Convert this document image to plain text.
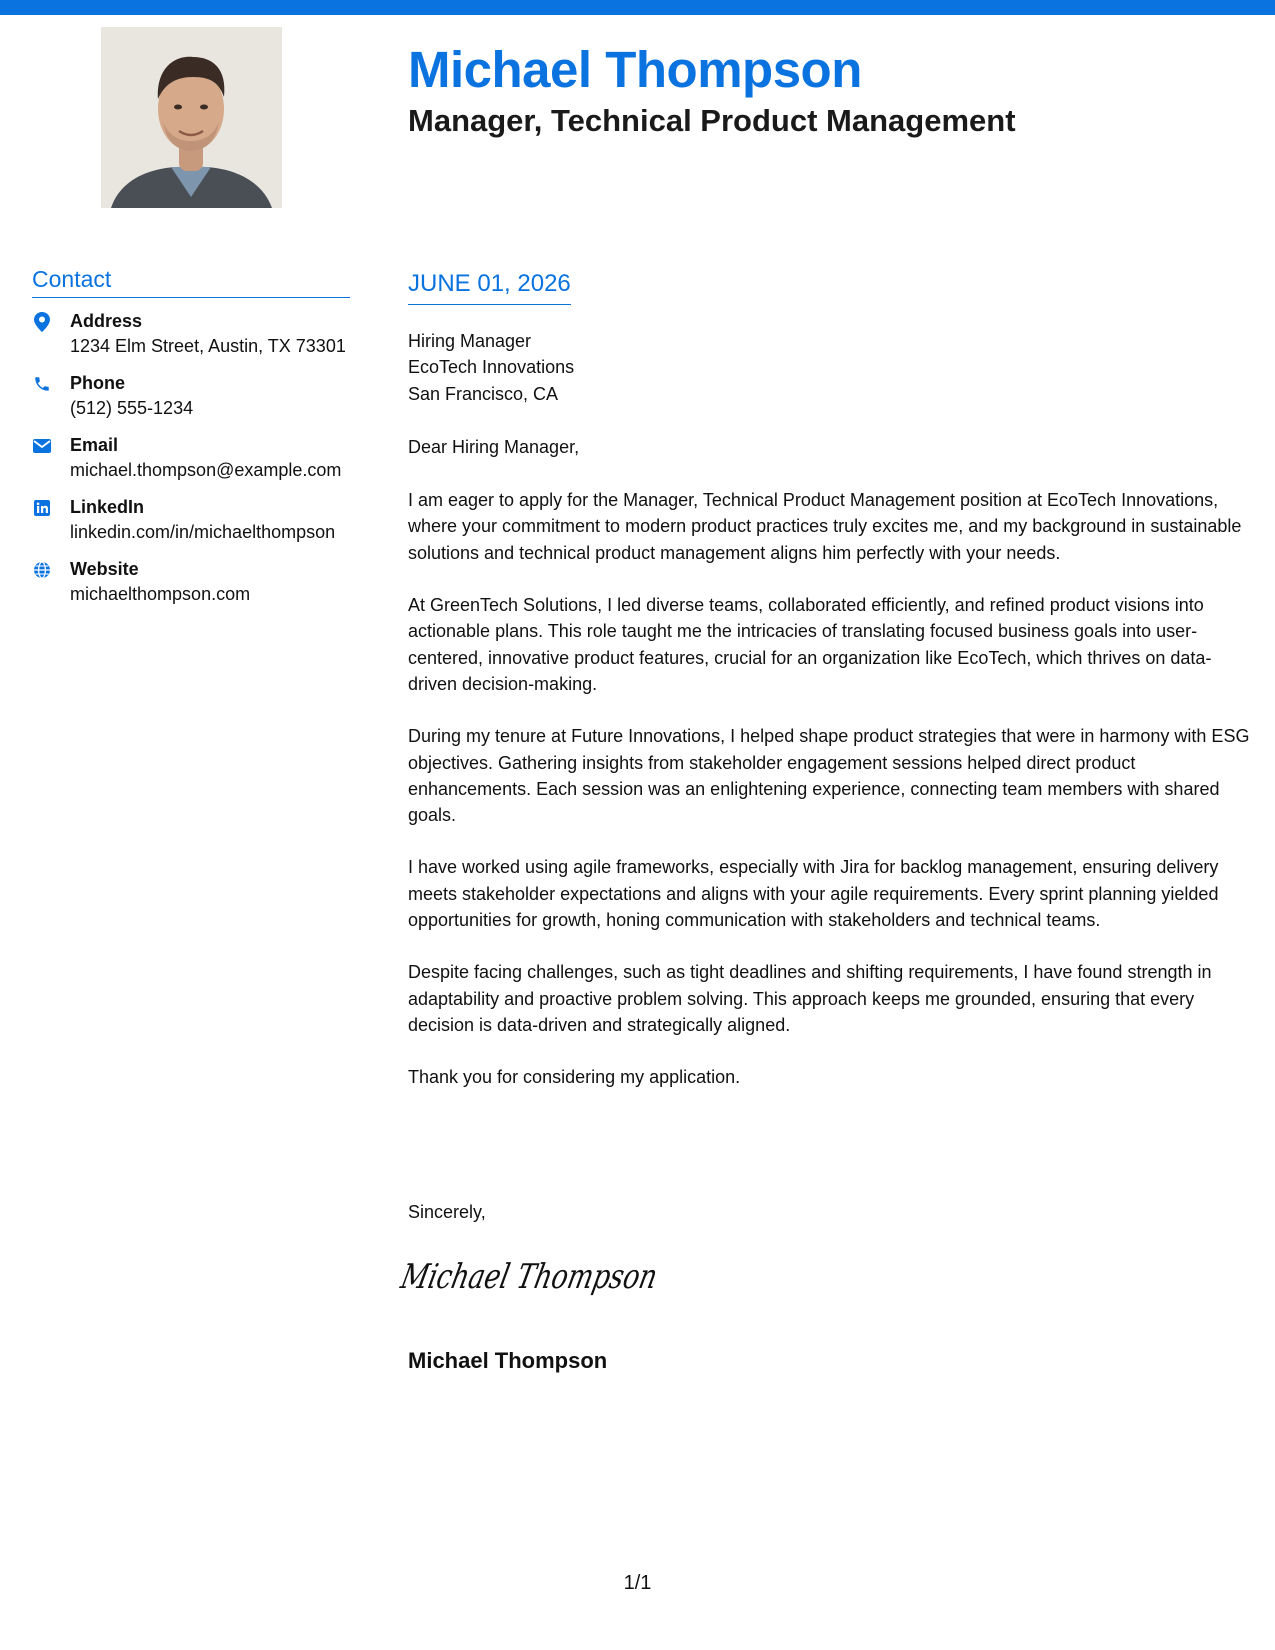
Michael Thompson
Manager, Technical Product Management
Contact
Address
1234 Elm Street, Austin, TX 73301
Phone
(512) 555-1234
Email
michael.thompson@example.com
LinkedIn
linkedin.com/in/michaelthompson
Website
michaelthompson.com
JUNE 01, 2026

Hiring Manager

EcoTech Innovations

San Francisco, CA

Dear Hiring Manager,

I am eager to apply for the Manager, Technical Product Management position at EcoTech Innovations, where your commitment to modern product practices truly excites me, and my background in sustainable solutions and technical product management aligns him perfectly with your needs.

At GreenTech Solutions, I led diverse teams, collaborated efficiently, and refined product visions into actionable plans. This role taught me the intricacies of translating focused business goals into user-centered, innovative product features, crucial for an organization like EcoTech, which thrives on data-driven decision-making.

During my tenure at Future Innovations, I helped shape product strategies that were in harmony with ESG objectives. Gathering insights from stakeholder engagement sessions helped direct product enhancements. Each session was an enlightening experience, connecting team members with shared goals.

I have worked using agile frameworks, especially with Jira for backlog management, ensuring delivery meets stakeholder expectations and aligns with your agile requirements. Every sprint planning yielded opportunities for growth, honing communication with stakeholders and technical teams.

Despite facing challenges, such as tight deadlines and shifting requirements, I have found strength in adaptability and proactive problem solving. This approach keeps me grounded, ensuring that every decision is data-driven and strategically aligned.

Thank you for considering my application.

Sincerely,
Michael Thompson
Michael Thompson
1/1
